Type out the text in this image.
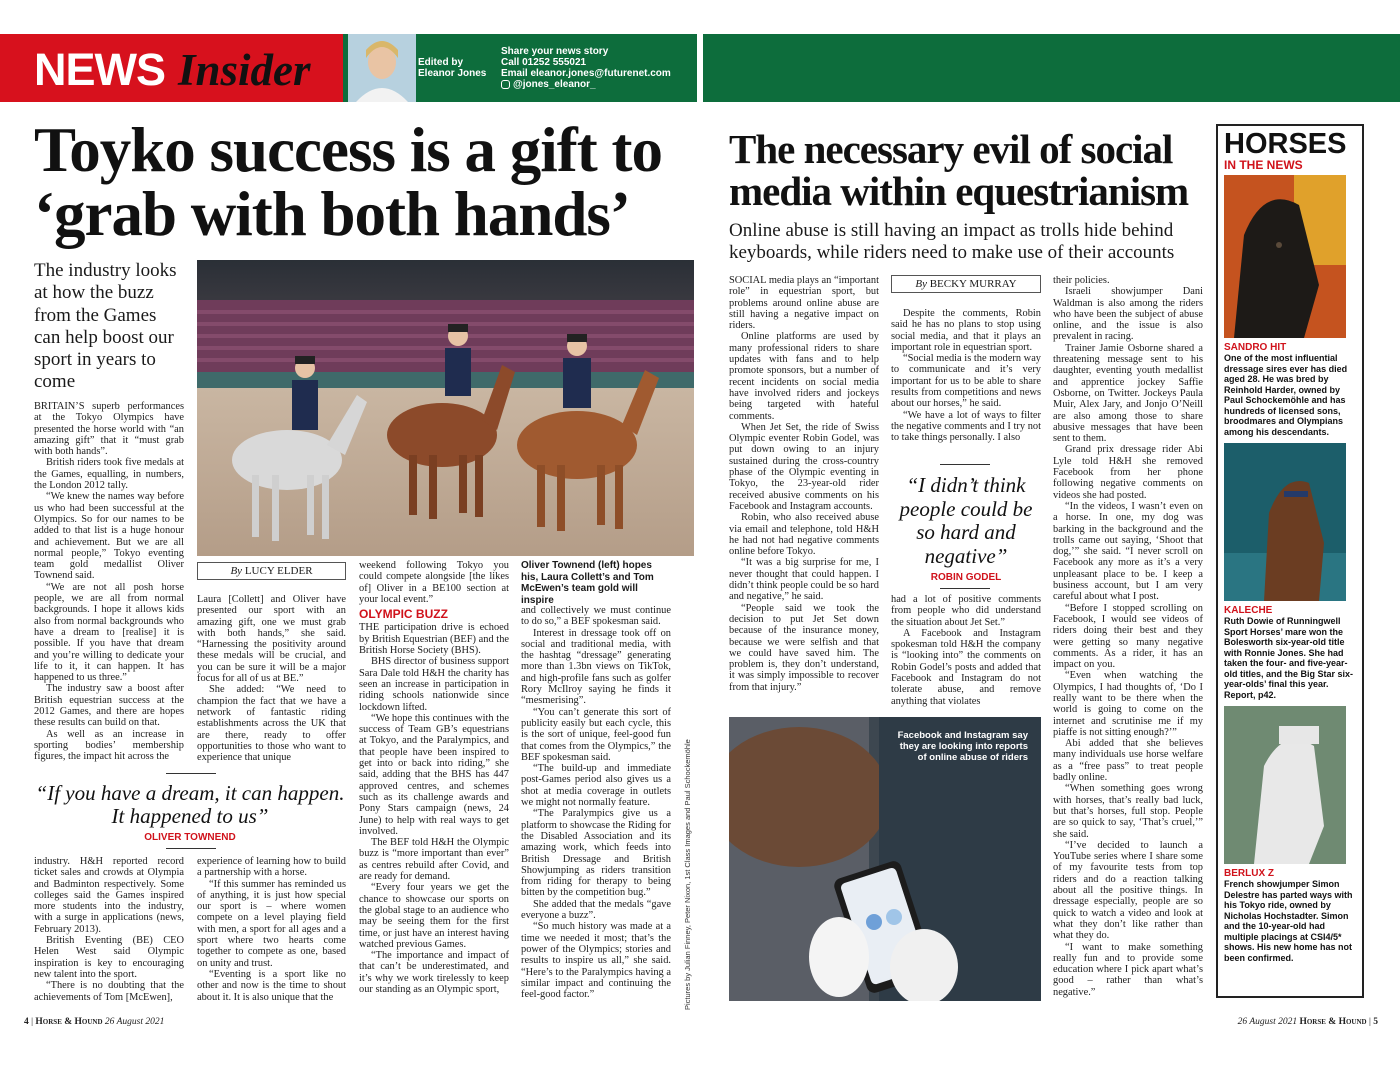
NEWS Insider	Edited by
Eleanor Jones
Share your news story
Call 01252 555021
Email eleanor.jones@futurenet.com
@jones_eleanor_
Toyko success is a gift to
‘grab with both hands’
The industry looks at how the buzz from the Games can help boost our sport in years to come

BRITAIN’S superb performances at the Tokyo Olympics have presented the horse world with “an amazing gift” that it “must grab with both hands”.

British riders took five medals at the Games, equalling, in numbers, the London 2012 tally.

“We knew the names way before us who had been successful at the Olympics. So for our names to be added to that list is a huge honour and achievement. But we are all normal people,” Tokyo eventing team gold medallist Oliver Townend said.

“We are not all posh horse people, we are all from normal backgrounds. I hope it allows kids also from normal backgrounds who have a dream to [realise] it is possible. If you have that dream and you’re willing to dedicate your life to it, it can happen. It has happened to us three.”

The industry saw a boost after British equestrian success at the 2012 Games, and there are hopes these results can build on that.

As well as an increase in sporting bodies’ membership figures, the impact hit across the

By LUCY ELDER

Laura [Collett] and Oliver have presented our sport with an amazing gift, one we must grab with both hands,” she said. “Harnessing the positivity around these medals will be crucial, and you can be sure it will be a major focus for all of us at BE.”

She added: “We need to champion the fact that we have a network of fantastic riding establishments across the UK that are there, ready to offer opportunities to those who want to experience that unique

weekend following Tokyo you could compete alongside [the likes of] Oliver in a BE100 section at your local event.”

OLYMPIC BUZZ

THE participation drive is echoed by British Equestrian (BEF) and the British Horse Society (BHS).

BHS director of business support Sara Dale told H&H the charity has seen an increase in participation in riding schools nationwide since lockdown lifted.

“We hope this continues with the success of Team GB’s equestrians at Tokyo, and the Paralympics, and that people have been inspired to get into or back into riding,” she said, adding that the BHS has 447 approved centres, and schemes such as its challenge awards and Pony Stars campaign (news, 24 June) to help with real ways to get involved.

The BEF told H&H the Olympic buzz is “more important than ever” as centres rebuild after Covid, and are ready for demand.

“Every four years we get the chance to showcase our sports on the global stage to an audience who may be seeing them for the first time, or just have an interest having watched previous Games.

“The importance and impact of that can’t be underestimated, and it’s why we work tirelessly to keep our standing as an Olympic sport,

Oliver Townend (left) hopes his, Laura Collett’s and Tom McEwen’s team gold will inspire

and collectively we must continue to do so,” a BEF spokesman said.

Interest in dressage took off on social and traditional media, with the hashtag “dressage” generating more than 1.3bn views on TikTok, and high-profile fans such as golfer Rory McIlroy saying he finds it “mesmerising”.

“You can’t generate this sort of publicity easily but each cycle, this is the sort of unique, feel-good fun that comes from the Olympics,” the BEF spokesman said.

“The build-up and immediate post-Games period also gives us a shot at media coverage in outlets we might not normally feature.

“The Paralympics give us a platform to showcase the Riding for the Disabled Association and its amazing work, which feeds into British Dressage and British Showjumping as riders transition from riding for therapy to being bitten by the competition bug.”

She added that the medals “gave everyone a buzz”.

“So much history was made at a time we needed it most; that’s the power of the Olympics; stories and results to inspire us all,” she said. “Here’s to the Paralympics having a similar impact and continuing the feel-good factor.”	Pictures by Julian Finney, Peter Nixon, 1st Class Images and Paul Schockemöhle
“If you have a dream, it can happen. It happened to us”
OLIVER TOWNEND

industry. H&H reported record ticket sales and crowds at Olympia and Badminton respectively. Some colleges said the Games inspired more students into the industry, with a surge in applications (news, February 2013).

British Eventing (BE) CEO Helen West said Olympic inspiration is key to encouraging new talent into the sport.

“There is no doubting that the achievements of Tom [McEwen],

experience of learning how to build a partnership with a horse.

“If this summer has reminded us of anything, it is just how special our sport is – where women compete on a level playing field with men, a sport for all ages and a sport where two hearts come together to compete as one, based on unity and trust.

“Eventing is a sport like no other and now is the time to shout about it. It is also unique that the

4 | Horse & Hound 26 August 2021
The necessary evil of social
media within equestrianism
Online abuse is still having an impact as trolls hide behind keyboards, while riders need to make use of their accounts

SOCIAL media plays an “important role” in equestrian sport, but problems around online abuse are still having a negative impact on riders.

Online platforms are used by many professional riders to share updates with fans and to help promote sponsors, but a number of recent incidents on social media have involved riders and jockeys being targeted with hateful comments.

When Jet Set, the ride of Swiss Olympic eventer Robin Godel, was put down owing to an injury sustained during the cross-country phase of the Olympic eventing in Tokyo, the 23-year-old rider received abusive comments on his Facebook and Instagram accounts.

Robin, who also received abuse via email and telephone, told H&H he had not had negative comments online before Tokyo.

“It was a big surprise for me, I never thought that could happen. I didn’t think people could be so hard and negative,” he said.

“People said we took the decision to put Jet Set down because of the insurance money, because we were selfish and that we could have saved him. The problem is, they don’t understand, it was simply impossible to recover from that injury.”

By BECKY MURRAY

Despite the comments, Robin said he has no plans to stop using social media, and that it plays an important role in equestrian sport.

“Social media is the modern way to communicate and it’s very important for us to be able to share results from competitions and news about our horses,” he said.

“We have a lot of ways to filter the negative comments and I try not to take things personally. I also

“I didn’t think people could be so hard and negative”
ROBIN GODEL

had a lot of positive comments from people who did understand the situation about Jet Set.”

A Facebook and Instagram spokesman told H&H the company is “looking into” the comments on Robin Godel’s posts and added that Facebook and Instagram do not tolerate abuse, and remove anything that violates

their policies.

Israeli showjumper Dani Waldman is also among the riders who have been the subject of abuse online, and the issue is also prevalent in racing.

Trainer Jamie Osborne shared a threatening message sent to his daughter, eventing youth medallist and apprentice jockey Saffie Osborne, on Twitter. Jockeys Paula Muir, Alex Jary, and Jonjo O’Neill are also among those to share abusive messages that have been sent to them.

Grand prix dressage rider Abi Lyle told H&H she removed Facebook from her phone following negative comments on videos she had posted.

“In the videos, I wasn’t even on a horse. In one, my dog was barking in the background and the trolls came out saying, ‘Shoot that dog,’” she said. “I never scroll on Facebook any more as it’s a very unpleasant place to be. I keep a business account, but I am very careful about what I post.

“Before I stopped scrolling on Facebook, I would see videos of riders doing their best and they were getting so many negative comments. As a rider, it has an impact on you.

“Even when watching the Olympics, I had thoughts of, ‘Do I really want to be there when the world is going to come on the internet and scrutinise me if my piaffe is not sitting enough?’”

Abi added that she believes many individuals use horse welfare as a “free pass” to treat people badly online.

“When something goes wrong with horses, that’s really bad luck, but that’s horses, full stop. People are so quick to say, ‘That’s cruel,’” she said.

“I’ve decided to launch a YouTube series where I share some of my favourite tests from top riders and do a reaction talking about all the positive things. In dressage especially, people are so quick to watch a video and look at what they don’t like rather than what they do.

“I want to make something really fun and to provide some education where I pick apart what’s good – rather than what’s negative.”

Facebook and Instagram say they are looking into reports of online abuse of riders
HORSES
IN THE NEWS
SANDRO HIT
One of the most influential dressage sires ever has died aged 28. He was bred by Reinhold Harder, owned by Paul Schockemöhle and has hundreds of licensed sons, broodmares and Olympians among his descendants.
KALECHE
Ruth Dowie of Runningwell Sport Horses’ mare won the Bolesworth six-year-old title with Ronnie Jones. She had taken the four- and five-year-old titles, and the Big Star six-year-olds’ final this year. Report, p42.
BERLUX Z
French showjumper Simon Delestre has parted ways with his Tokyo ride, owned by Nicholas Hochstadter. Simon and the 10-year-old had multiple placings at CSI4/5* shows. His new home has not been confirmed.
26 August 2021 Horse & Hound | 5
